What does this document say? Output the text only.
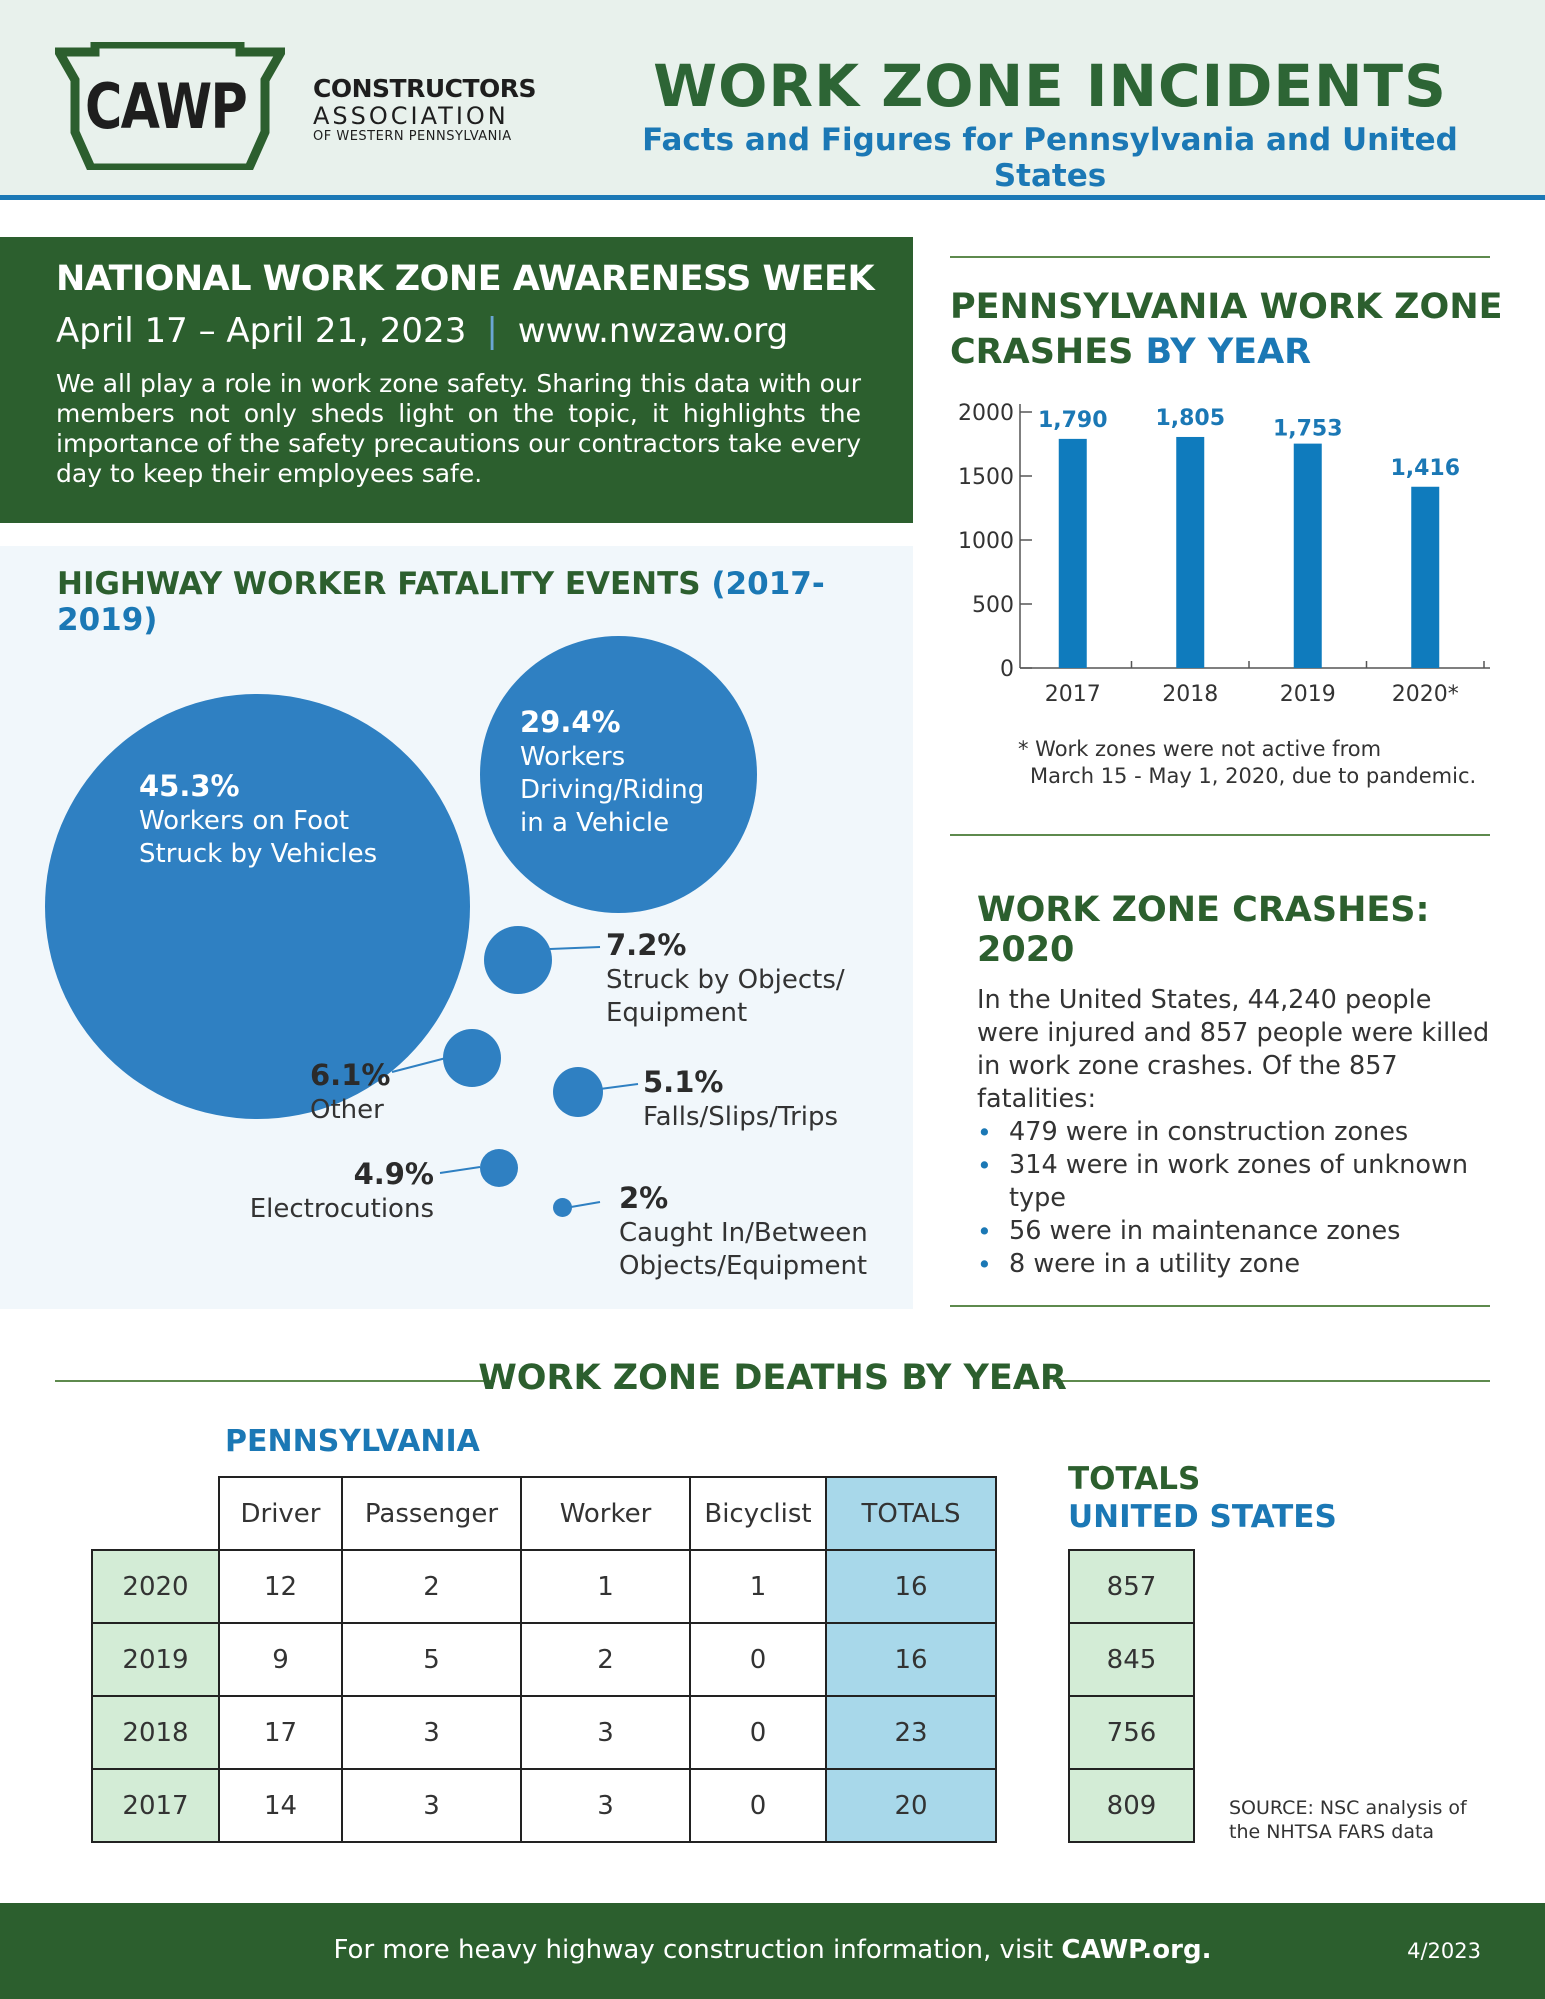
CAWP	CONSTRUCTORS
ASSOCIATION
OF WESTERN PENNSYLVANIA
WORK ZONE INCIDENTS
Facts and Figures for Pennsylvania and United States
NATIONAL WORK ZONE AWARENESS WEEK
April 17 – April 21, 2023 | www.nwzaw.org

We all play a role in work zone safety. Sharing this data with our members not only sheds light on the topic, it highlights the importance of the safety precautions our contractors take every day to keep their employees safe.

HIGHWAY WORKER FATALITY EVENTS (2017-2019)
45.3%
Workers on Foot
Struck by Vehicles
29.4%
Workers
Driving/Riding
in a Vehicle
7.2%
Struck by Objects/
Equipment
6.1%
Other
5.1%
Falls/Slips/Trips
4.9%
Electrocutions	2%
Caught In/Between
Objects/Equipment
PENNSYLVANIA WORK ZONE
CRASHES BY YEAR
0
500
1000
1500
2000 1,790
2017
1,805
2018
1,753
2019
1,416
2020*
* Work zones were not active from
March 15 - May 1, 2020, due to pandemic.
WORK ZONE CRASHES: 2020

In the United States, 44,240 people were injured and 857 people were killed in work zone crashes. Of the 857 fatalities:

• 479 were in construction zones
• 314 were in work zones of unknown type
• 56 were in maintenance zones
• 8 were in a utility zone
WORK ZONE DEATHS BY YEAR
PENNSYLVANIA
	Driver	Passenger	Worker	Bicyclist	TOTALS
2020	12	2	1	1	16
2019	9	5	2	0	16
2018	17	3	3	0	23
2017	14	3	3	0	20
TOTALS
UNITED STATES
857
845
756
809	SOURCE: NSC analysis of
the NHTSA FARS data
For more heavy highway construction information, visit CAWP.org.	4/2023
